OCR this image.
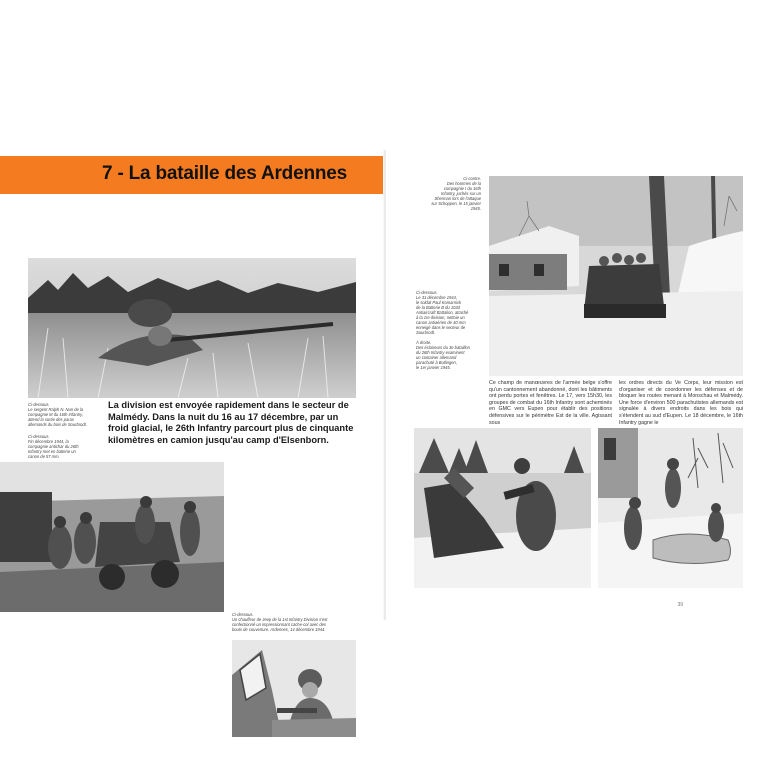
7 - La bataille des Ardennes
Ci-dessous.
Le sergent Ralph N. Nun de la
compagnie M du 16th Infantry,
attend la sortie des paras
allemands du bois de Sourbrodt.
La division est envoyée rapidement dans le secteur de Malmédy. Dans la nuit du 16 au 17 décembre, par un froid glacial, le 26th Infantry parcourt plus de cinquante kilomètres en camion jusqu'au camp d'Elsenborn.
Ci-dessous.
Fin décembre 1944, la
compagnie antichar du 26th
Infantry met en batterie un
canon de 57 mm.
Ci-dessous.
Un chauffeur de Jeep de la 1st Infantry Division s'est
confectionné un impressionnant cache-col avec des
bouts de couverture. Ardennes, 14 décembre 1944.
Ci-contre.
Des hommes de la
compagnie I du 16th
Infantry, juchés sur un
Sherman lors de l'attaque
sur Schoppen, le 15 janvier
1945.
Ci-dessous.
Le 31 décembre 1944,
le soldat Paul Komarnick
de la Batterie B du 103d
Antiaircraft Battalion, attaché
à la 1re division, nettoie un
canon antiaérien de 40 mm
enneigé dans le secteur de
Sourbrodt.
À droite.
Des éclaireurs du 3e bataillon
du 26th Infantry examinent
un container allemand
parachuté à Butlingen,
le 1er janvier 1945.
Ce champ de manœuvres de l'armée belge s'offre qu'un cantonnement abandonné, dont les bâtiments ont perdu portes et fenêtres. Le 17, vers 15h30, les groupes de combat du 16th Infantry sont acheminés en GMC vers Eupen pour établir des positions défensives sur le périmètre Est de la ville. Agissant sous
les ordres directs du Ve Corps, leur mission est d'organiser et de coordonner les défenses et de bloquer les routes menant à Monschau et Malmédy. Une force d'environ 500 parachutistes allemands est signalée à divers endroits dans les bois qui s'étendent au sud d'Eupen. Le 18 décembre, le 16th Infantry gagne le
39
